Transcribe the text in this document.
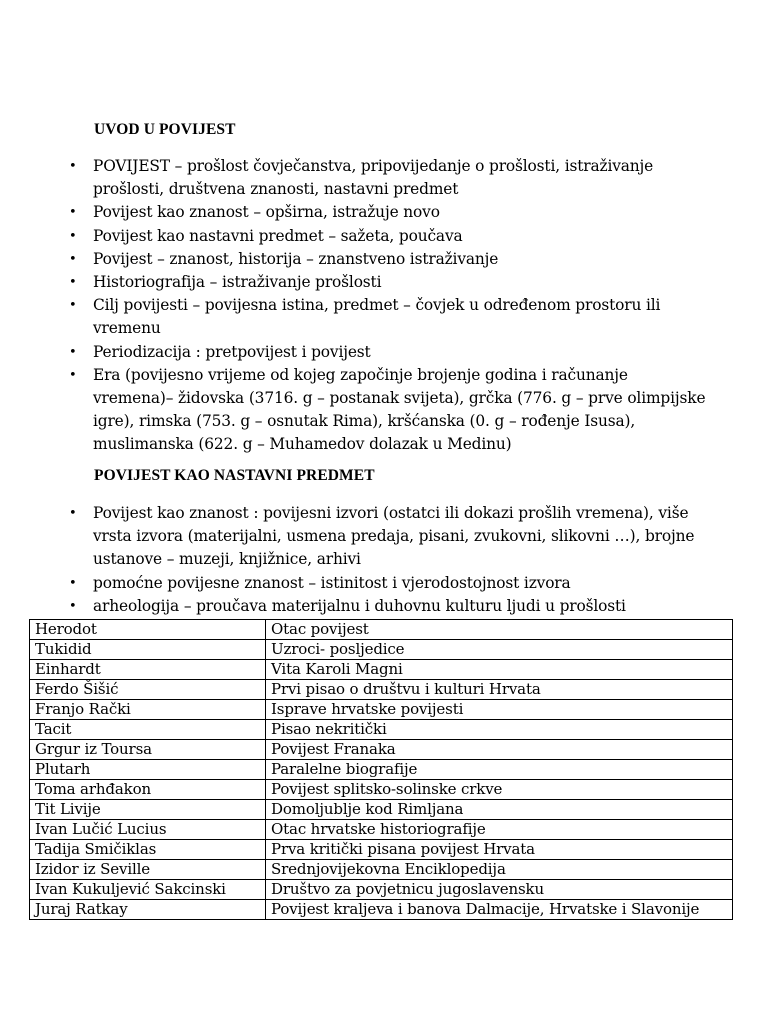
UVOD U POVIJEST
• POVIJEST – prošlost čovječanstva, pripovijedanje o prošlosti, istraživanje prošlosti, društvena znanosti, nastavni predmet
• Povijest kao znanost – opširna, istražuje novo
• Povijest kao nastavni predmet – sažeta, poučava
• Povijest – znanost, historija – znanstveno istraživanje
• Historiografija – istraživanje prošlosti
• Cilj povijesti – povijesna istina, predmet – čovjek u određenom prostoru ili vremenu
• Periodizacija : pretpovijest i povijest
• Era (povijesno vrijeme od kojeg započinje brojenje godina i računanje vremena)– židovska (3716. g – postanak svijeta), grčka (776. g – prve olimpijske igre), rimska (753. g – osnutak Rima), kršćanska (0. g – rođenje Isusa), muslimanska (622. g – Muhamedov dolazak u Medinu)
POVIJEST KAO NASTAVNI PREDMET
• Povijest kao znanost : povijesni izvori (ostatci ili dokazi prošlih vremena), više vrsta izvora (materijalni, usmena predaja, pisani, zvukovni, slikovni …), brojne ustanove – muzeji, knjižnice, arhivi
• pomoćne povijesne znanost – istinitost i vjerodostojnost izvora
• arheologija – proučava materijalnu i duhovnu kulturu ljudi u prošlosti
Herodot	Otac povijest
Tukidid	Uzroci- posljedice
Einhardt	Vita Karoli Magni
Ferdo Šišić	Prvi pisao o društvu i kulturi Hrvata
Franjo Rački	Isprave hrvatske povijesti
Tacit	Pisao nekritički
Grgur iz Toursa	Povijest Franaka
Plutarh	Paralelne biografije
Toma arhđakon	Povijest splitsko-solinske crkve
Tit Livije	Domoljublje kod Rimljana
Ivan Lučić Lucius	Otac hrvatske historiografije
Tadija Smičiklas	Prva kritički pisana povijest Hrvata
Izidor iz Seville	Srednjovijekovna Enciklopedija
Ivan Kukuljević Sakcinski	Društvo za povjetnicu jugoslavensku
Juraj Ratkay	Povijest kraljeva i banova Dalmacije, Hrvatske i Slavonije
